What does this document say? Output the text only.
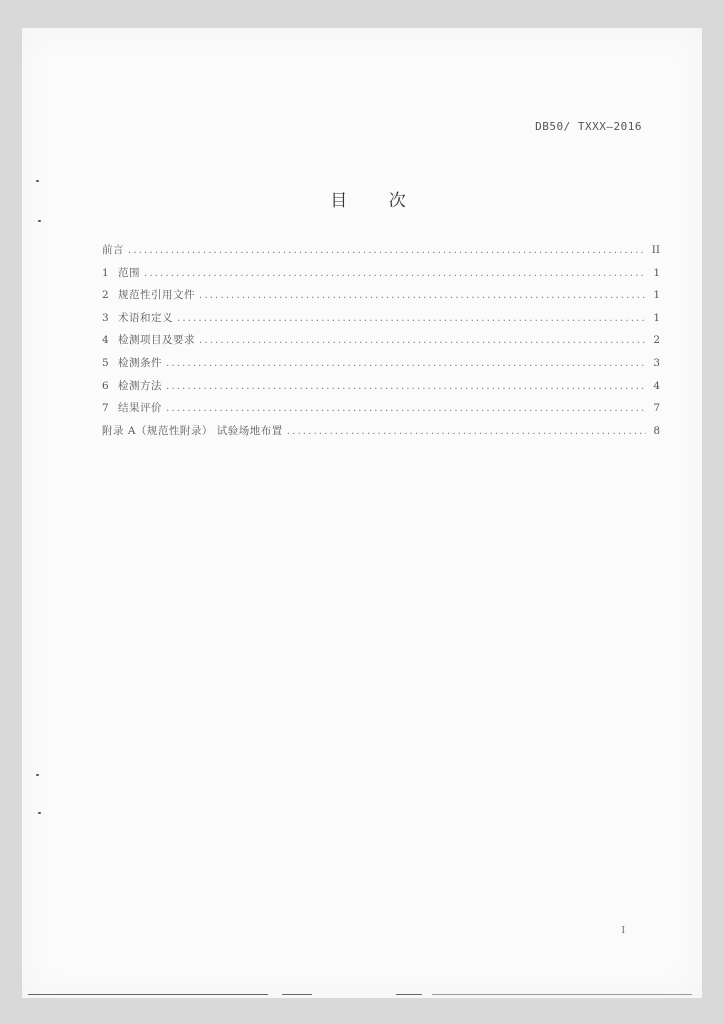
DB50/ TXXX—2016
目 次
前言 .....	II
1 范围 .....	1
2 规范性引用文件 .....	1
3 术语和定义 .....	1
4 检测项目及要求 .....	2
5 检测条件 .....	3
6 检测方法 .....	4
7 结果评价 .....	7
附录 A（规范性附录） 试验场地布置 .....	8
I
